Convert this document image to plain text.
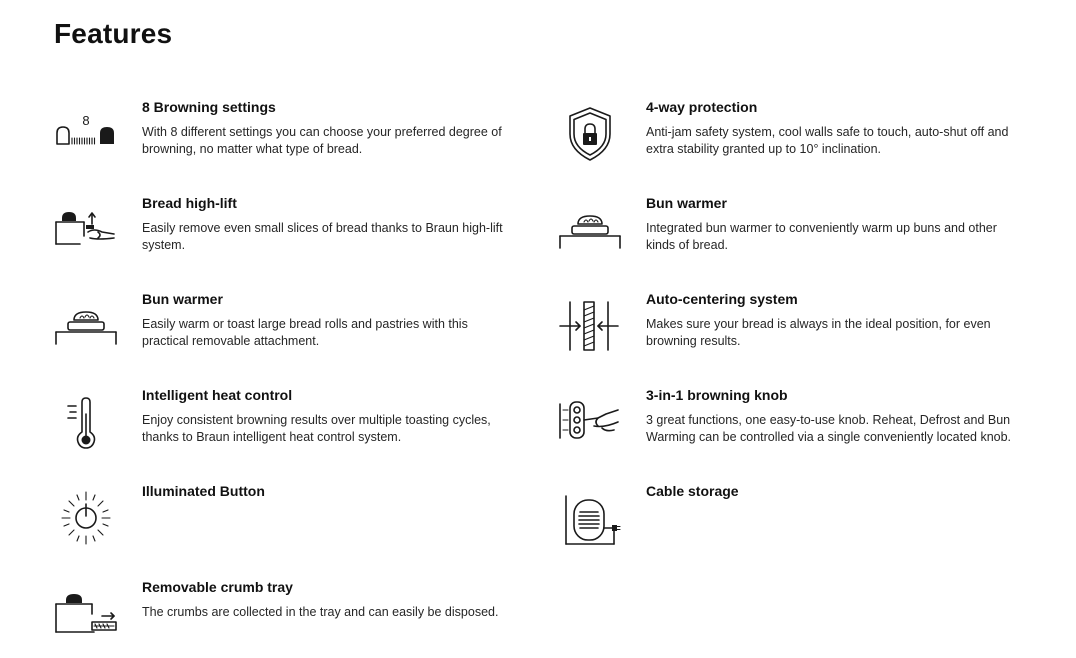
Features
8
8 Browning settings

With 8 different settings you can choose your preferred degree of browning, no matter what type of bread.

4-way protection

Anti-jam safety system, cool walls safe to touch, auto-shut off and extra stability granted up to 10° inclination.

Bread high-lift

Easily remove even small slices of bread thanks to Braun high-lift system.

Bun warmer

Integrated bun warmer to conveniently warm up buns and other kinds of bread.

Bun warmer

Easily warm or toast large bread rolls and pastries with this practical removable attachment.

Auto-centering system

Makes sure your bread is always in the ideal position, for even browning results.

Intelligent heat control

Enjoy consistent browning results over multiple toasting cycles, thanks to Braun intelligent heat control system.

3-in-1 browning knob

3 great functions, one easy-to-use knob. Reheat, Defrost and Bun Warming can be controlled via a single conveniently located knob.

Illuminated Button	Cable storage

Removable crumb tray

The crumbs are collected in the tray and can easily be disposed.
